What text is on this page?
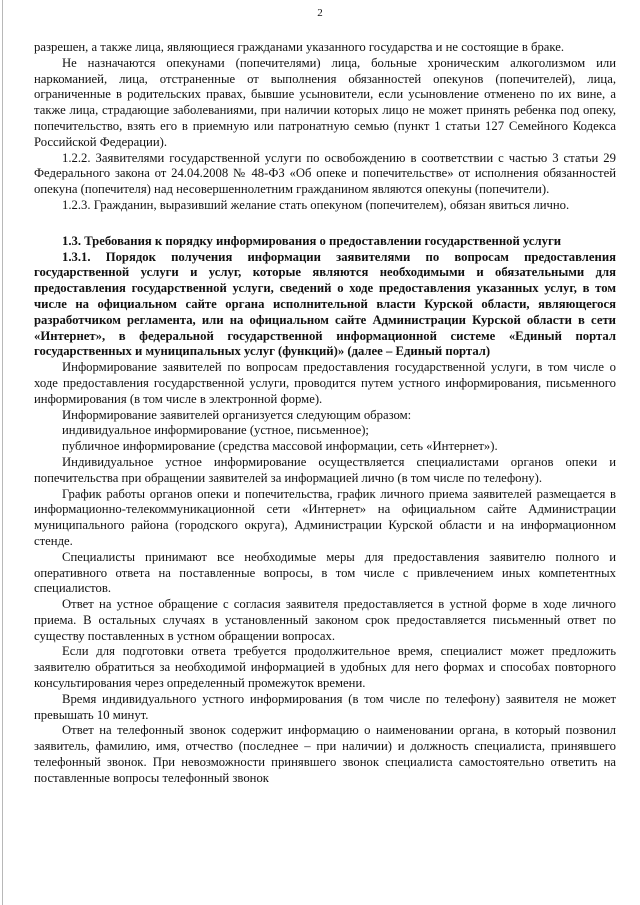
2

разрешен, а также лица, являющиеся гражданами указанного государства и не состоящие в браке.

Не назначаются опекунами (попечителями) лица, больные хроническим алкоголизмом или наркоманией, лица, отстраненные от выполнения обязанностей опекунов (попечителей), лица, ограниченные в родительских правах, бывшие усыновители, если усыновление отменено по их вине, а также лица, страдающие заболеваниями, при наличии которых лицо не может принять ребенка под опеку, попечительство, взять его в приемную или патронатную семью (пункт 1 статьи 127 Семейного Кодекса Российской Федерации).

1.2.2. Заявителями государственной услуги по освобождению в соответствии с частью 3 статьи 29 Федерального закона от 24.04.2008 № 48-ФЗ «Об опеке и попечительстве» от исполнения обязанностей опекуна (попечителя) над несовершеннолетним гражданином являются опекуны (попечители).

1.2.3. Гражданин, выразивший желание стать опекуном (попечителем), обязан явиться лично.

1.3. Требования к порядку информирования о предоставлении государственной услуги

1.3.1. Порядок получения информации заявителями по вопросам предоставления государственной услуги и услуг, которые являются необходимыми и обязательными для предоставления государственной услуги, сведений о ходе предоставления указанных услуг, в том числе на официальном сайте органа исполнительной власти Курской области, являющегося разработчиком регламента, или на официальном сайте Администрации Курской области в сети «Интернет», в федеральной государственной информационной системе «Единый портал государственных и муниципальных услуг (функций)» (далее – Единый портал)

Информирование заявителей по вопросам предоставления государственной услуги, в том числе о ходе предоставления государственной услуги, проводится путем устного информирования, письменного информирования (в том числе в электронной форме).

Информирование заявителей организуется следующим образом:

индивидуальное информирование (устное, письменное);

публичное информирование (средства массовой информации, сеть «Интернет»).

Индивидуальное устное информирование осуществляется специалистами органов опеки и попечительства при обращении заявителей за информацией лично (в том числе по телефону).

График работы органов опеки и попечительства, график личного приема заявителей размещается в информационно-телекоммуникационной сети «Интернет» на официальном сайте Администрации муниципального района (городского округа), Администрации Курской области и на информационном стенде.

Специалисты принимают все необходимые меры для предоставления заявителю полного и оперативного ответа на поставленные вопросы, в том числе с привлечением иных компетентных специалистов.

Ответ на устное обращение с согласия заявителя предоставляется в устной форме в ходе личного приема. В остальных случаях в установленный законом срок предоставляется письменный ответ по существу поставленных в устном обращении вопросах.

Если для подготовки ответа требуется продолжительное время, специалист может предложить заявителю обратиться за необходимой информацией в удобных для него формах и способах повторного консультирования через определенный промежуток времени.

Время индивидуального устного информирования (в том числе по телефону) заявителя не может превышать 10 минут.

Ответ на телефонный звонок содержит информацию о наименовании органа, в который позвонил заявитель, фамилию, имя, отчество (последнее – при наличии) и должность специалиста, принявшего телефонный звонок. При невозможности принявшего звонок специалиста самостоятельно ответить на поставленные вопросы телефонный звонок
